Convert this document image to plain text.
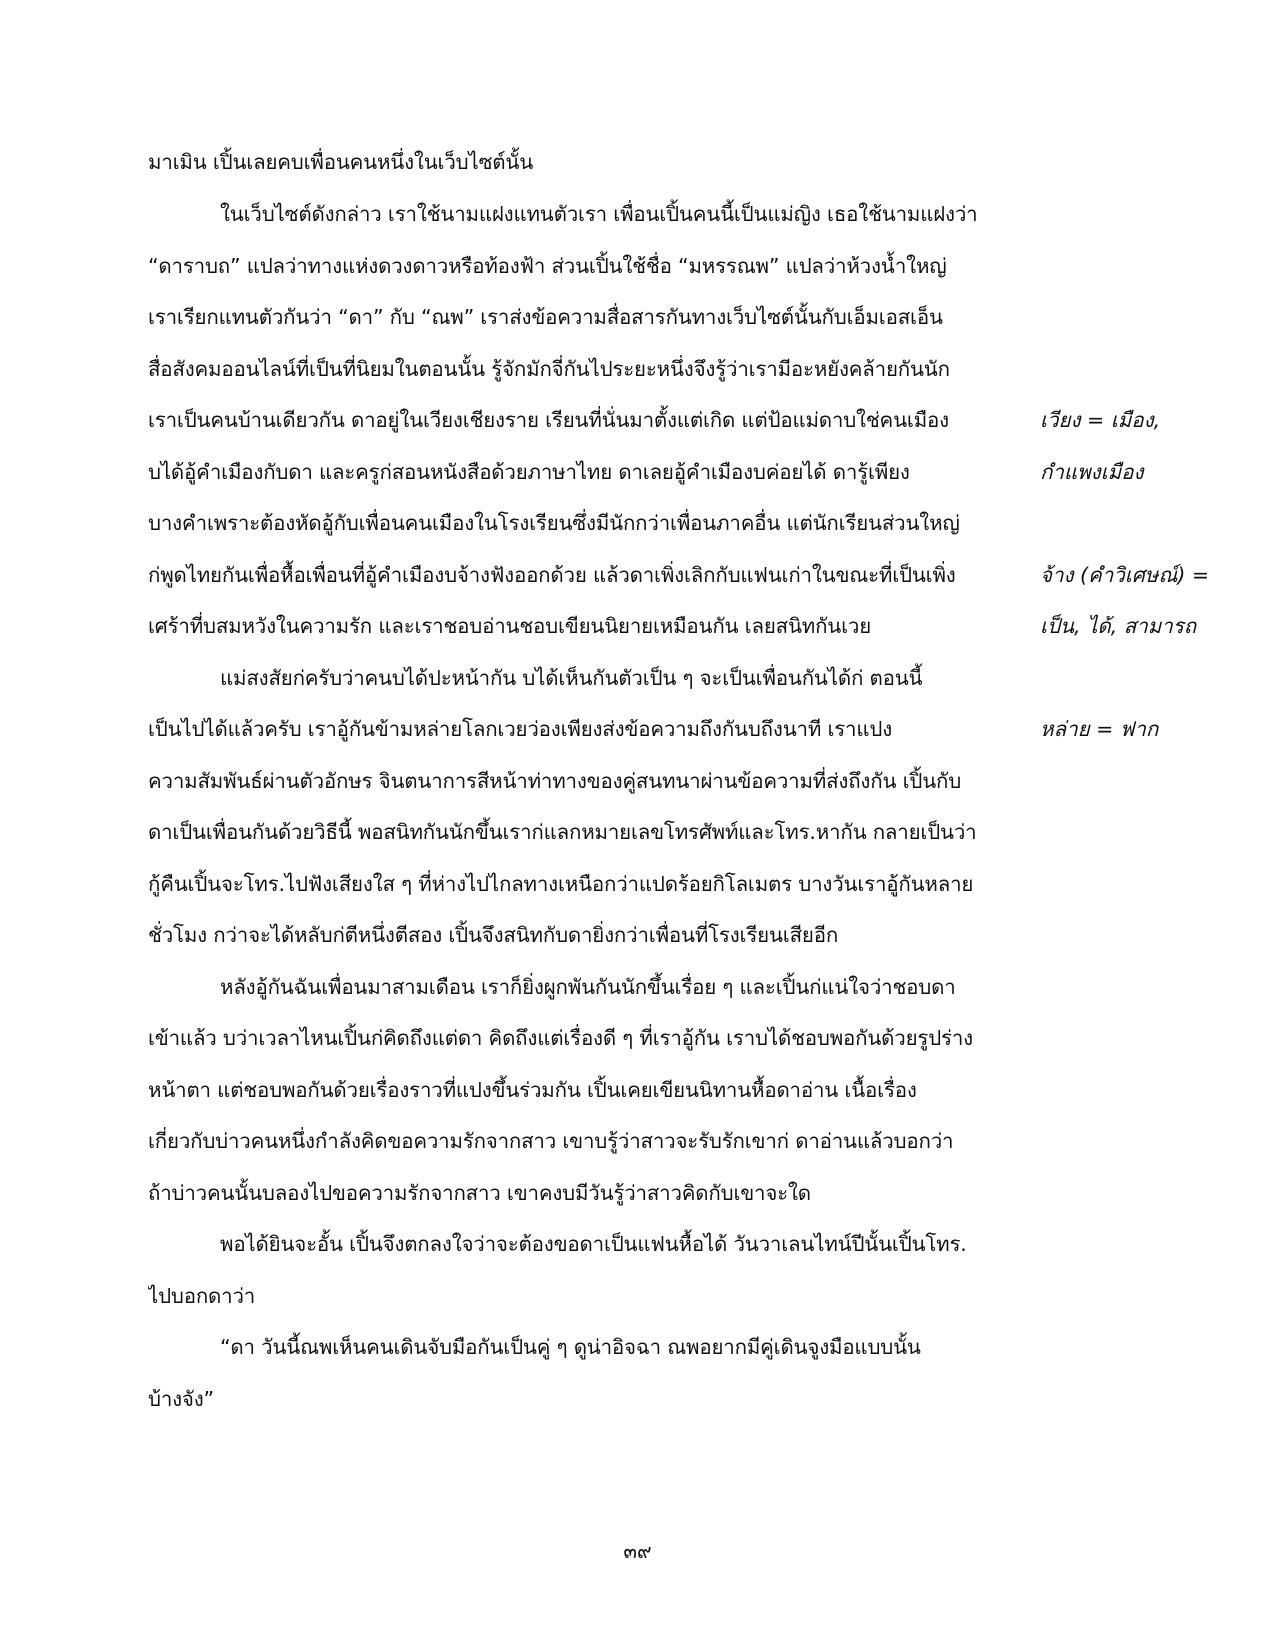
มาเมิน เปิ้นเลยคบเพื่อนคนหนึ่งในเว็บไซต์นั้น
ในเว็บไซต์ดังกล่าว เราใช้นามแฝงแทนตัวเรา เพื่อนเปิ้นคนนี้เป็นแม่ญิง เธอใช้นามแฝงว่า
“ดาราบถ” แปลว่าทางแห่งดวงดาวหรือท้องฟ้า ส่วนเปิ้นใช้ชื่อ “มหรรณพ” แปลว่าห้วงน้ำใหญ่
เราเรียกแทนตัวกันว่า “ดา” กับ “ณพ” เราส่งข้อความสื่อสารกันทางเว็บไซต์นั้นกับเอ็มเอสเอ็น
สื่อสังคมออนไลน์ที่เป็นที่นิยมในตอนนั้น รู้จักมักจี่กันไประยะหนึ่งจึงรู้ว่าเรามีอะหยังคล้ายกันนัก
เราเป็นคนบ้านเดียวกัน ดาอยู่ในเวียงเชียงราย เรียนที่นั่นมาตั้งแต่เกิด แต่ป้อแม่ดาบใช่คนเมือง
บได้อู้คำเมืองกับดา และครูก่สอนหนังสือด้วยภาษาไทย ดาเลยอู้คำเมืองบค่อยได้ ดารู้เพียง
บางคำเพราะต้องหัดอู้กับเพื่อนคนเมืองในโรงเรียนซึ่งมีนักกว่าเพื่อนภาคอื่น แต่นักเรียนส่วนใหญ่
ก่พูดไทยกันเพื่อหื้อเพื่อนที่อู้คำเมืองบจ้างฟังออกด้วย แล้วดาเพิ่งเลิกกับแฟนเก่าในขณะที่เป็นเพิ่ง
เศร้าที่บสมหวังในความรัก และเราชอบอ่านชอบเขียนนิยายเหมือนกัน เลยสนิทกันเวย
แม่สงสัยก่ครับว่าคนบได้ปะหน้ากัน บได้เห็นกันตัวเป็น ๆ จะเป็นเพื่อนกันได้ก่ ตอนนี้
เป็นไปได้แล้วครับ เราอู้กันข้ามหล่ายโลกเวยว่องเพียงส่งข้อความถึงกันบถึงนาที เราแปง
ความสัมพันธ์ผ่านตัวอักษร จินตนาการสีหน้าท่าทางของคู่สนทนาผ่านข้อความที่ส่งถึงกัน เปิ้นกับ
ดาเป็นเพื่อนกันด้วยวิธีนี้ พอสนิทกันนักขึ้นเราก่แลกหมายเลขโทรศัพท์และโทร.หากัน กลายเป็นว่า
กู้คืนเปิ้นจะโทร.ไปฟังเสียงใส ๆ ที่ห่างไปไกลทางเหนือกว่าแปดร้อยกิโลเมตร บางวันเราอู้กันหลาย
ชั่วโมง กว่าจะได้หลับก่ตีหนึ่งตีสอง เปิ้นจึงสนิทกับดายิ่งกว่าเพื่อนที่โรงเรียนเสียอีก
หลังอู้กันฉันเพื่อนมาสามเดือน เราก็ยิ่งผูกพันกันนักขึ้นเรื่อย ๆ และเปิ้นก่แน่ใจว่าชอบดา
เข้าแล้ว บว่าเวลาไหนเปิ้นก่คิดถึงแต่ดา คิดถึงแต่เรื่องดี ๆ ที่เราอู้กัน เราบได้ชอบพอกันด้วยรูปร่าง
หน้าตา แต่ชอบพอกันด้วยเรื่องราวที่แปงขึ้นร่วมกัน เปิ้นเคยเขียนนิทานหื้อดาอ่าน เนื้อเรื่อง
เกี่ยวกับบ่าวคนหนึ่งกำลังคิดขอความรักจากสาว เขาบรู้ว่าสาวจะรับรักเขาก่ ดาอ่านแล้วบอกว่า
ถ้าบ่าวคนนั้นบลองไปขอความรักจากสาว เขาคงบมีวันรู้ว่าสาวคิดกับเขาจะใด
พอได้ยินจะอั้น เปิ้นจึงตกลงใจว่าจะต้องขอดาเป็นแฟนหื้อได้ วันวาเลนไทน์ปีนั้นเปิ้นโทร.
ไปบอกดาว่า
“ดา วันนี้ณพเห็นคนเดินจับมือกันเป็นคู่ ๆ ดูน่าอิจฉา ณพอยากมีคู่เดินจูงมือแบบนั้น
บ้างจัง”
เวียง = เมือง,
กำแพงเมือง
จ้าง (คำวิเศษณ์) =
เป็น, ได้, สามารถ
หล่าย = ฟาก
๓๙
